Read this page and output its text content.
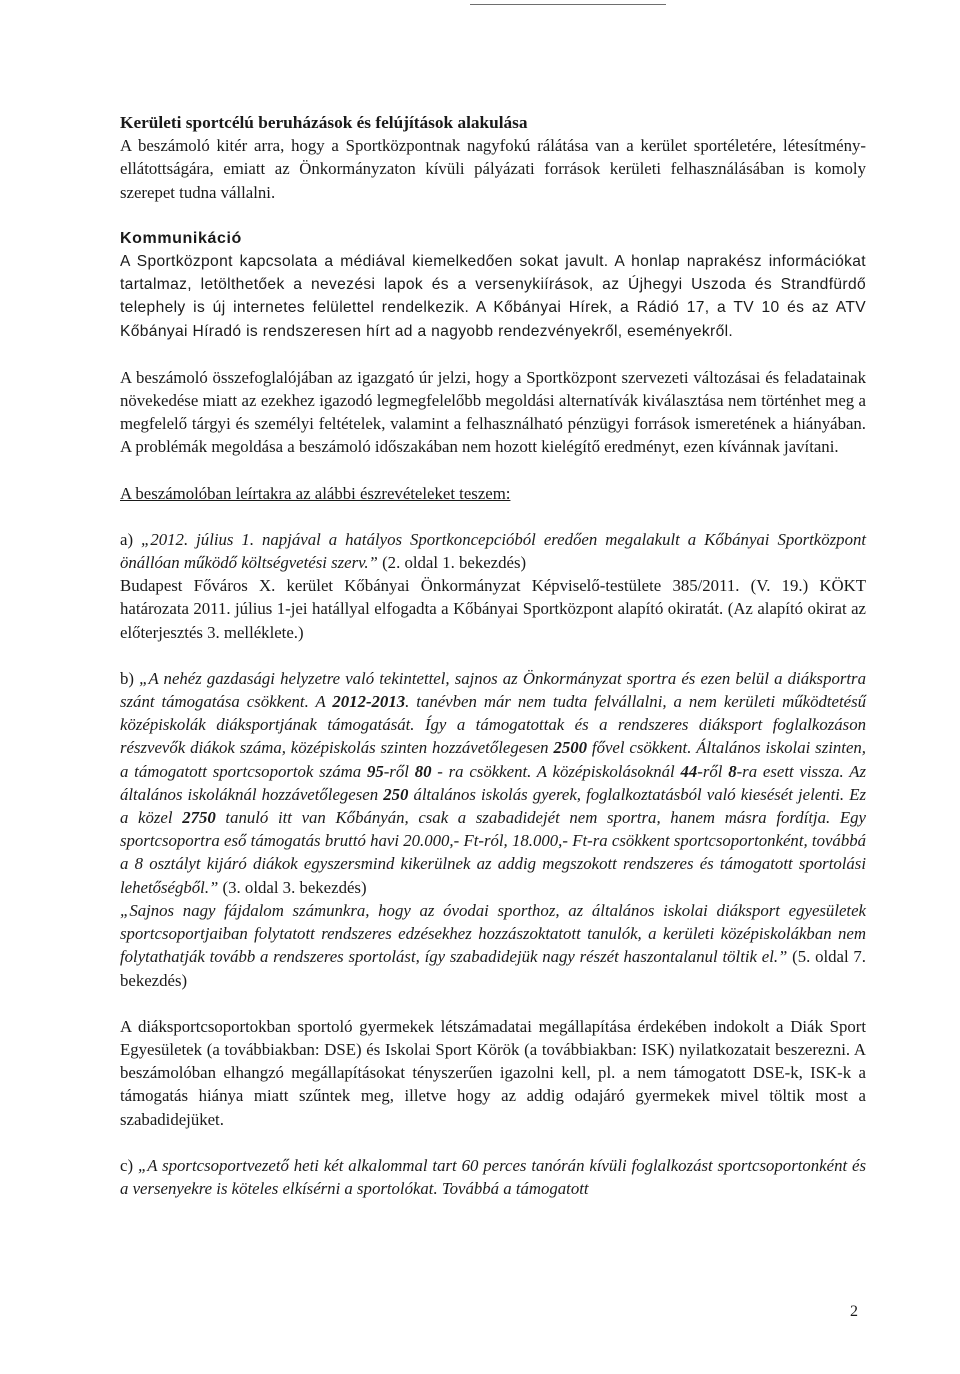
Kerületi sportcélú beruházások és felújítások alakulása

A beszámoló kitér arra, hogy a Sportközpontnak nagyfokú rálátása van a kerület sportéletére, létesítmény-ellátottságára, emiatt az Önkormányzaton kívüli pályázati források kerületi felhasználásában is komoly szerepet tudna vállalni.

Kommunikáció

A Sportközpont kapcsolata a médiával kiemelkedően sokat javult. A honlap naprakész információkat tartalmaz, letölthetőek a nevezési lapok és a versenykiírások, az Újhegyi Uszoda és Strandfürdő telephely is új internetes felülettel rendelkezik. A Kőbányai Hírek, a Rádió 17, a TV 10 és az ATV Kőbányai Híradó is rendszeresen hírt ad a nagyobb rendezvényekről, eseményekről.

A beszámoló összefoglalójában az igazgató úr jelzi, hogy a Sportközpont szervezeti változásai és feladatainak növekedése miatt az ezekhez igazodó legmegfelelőbb megoldási alternatívák kiválasztása nem történhet meg a megfelelő tárgyi és személyi feltételek, valamint a felhasználható pénzügyi források ismeretének a hiányában. A problémák megoldása a beszámoló időszakában nem hozott kielégítő eredményt, ezen kívánnak javítani.

A beszámolóban leírtakra az alábbi észrevételeket teszem:

a) „2012. július 1. napjával a hatályos Sportkoncepcióból eredően megalakult a Kőbányai Sportközpont önállóan működő költségvetési szerv.” (2. oldal 1. bekezdés)

Budapest Főváros X. kerület Kőbányai Önkormányzat Képviselő-testülete 385/2011. (V. 19.) KÖKT határozata 2011. július 1-jei hatállyal elfogadta a Kőbányai Sportközpont alapító okiratát. (Az alapító okirat az előterjesztés 3. melléklete.)

b) „A nehéz gazdasági helyzetre való tekintettel, sajnos az Önkormányzat sportra és ezen belül a diáksportra szánt támogatása csökkent. A 2012-2013. tanévben már nem tudta felvállalni, a nem kerületi működtetésű középiskolák diáksportjának támogatását. Így a támogatottak és a rendszeres diáksport foglalkozáson részvevők diákok száma, középiskolás szinten hozzávetőlegesen 2500 fővel csökkent. Általános iskolai szinten, a támogatott sportcsoportok száma 95-ről 80 - ra csökkent. A középiskolásoknál 44-ről 8-ra esett vissza. Az általános iskoláknál hozzávetőlegesen 250 általános iskolás gyerek, foglalkoztatásból való kiesését jelenti. Ez a közel 2750 tanuló itt van Kőbányán, csak a szabadidejét nem sportra, hanem másra fordítja. Egy sportcsoportra eső támogatás bruttó havi 20.000,- Ft-ról, 18.000,- Ft-ra csökkent sportcsoportonként, továbbá a 8 osztályt kijáró diákok egyszersmind kikerülnek az addig megszokott rendszeres és támogatott sportolási lehetőségből.” (3. oldal 3. bekezdés)

„Sajnos nagy fájdalom számunkra, hogy az óvodai sporthoz, az általános iskolai diáksport egyesületek sportcsoportjaiban folytatott rendszeres edzésekhez hozzászoktatott tanulók, a kerületi középiskolákban nem folytathatják tovább a rendszeres sportolást, így szabadidejük nagy részét haszontalanul töltik el.” (5. oldal 7. bekezdés)

A diáksportcsoportokban sportoló gyermekek létszámadatai megállapítása érdekében indokolt a Diák Sport Egyesületek (a továbbiakban: DSE) és Iskolai Sport Körök (a továbbiakban: ISK) nyilatkozatait beszerezni. A beszámolóban elhangzó megállapításokat tényszerűen igazolni kell, pl. a nem támogatott DSE-k, ISK-k a támogatás hiánya miatt szűntek meg, illetve hogy az addig odajáró gyermekek mivel töltik most a szabadidejüket.

c) „A sportcsoportvezető heti két alkalommal tart 60 perces tanórán kívüli foglalkozást sportcsoportonként és a versenyekre is köteles elkísérni a sportolókat. Továbbá a támogatott

2
